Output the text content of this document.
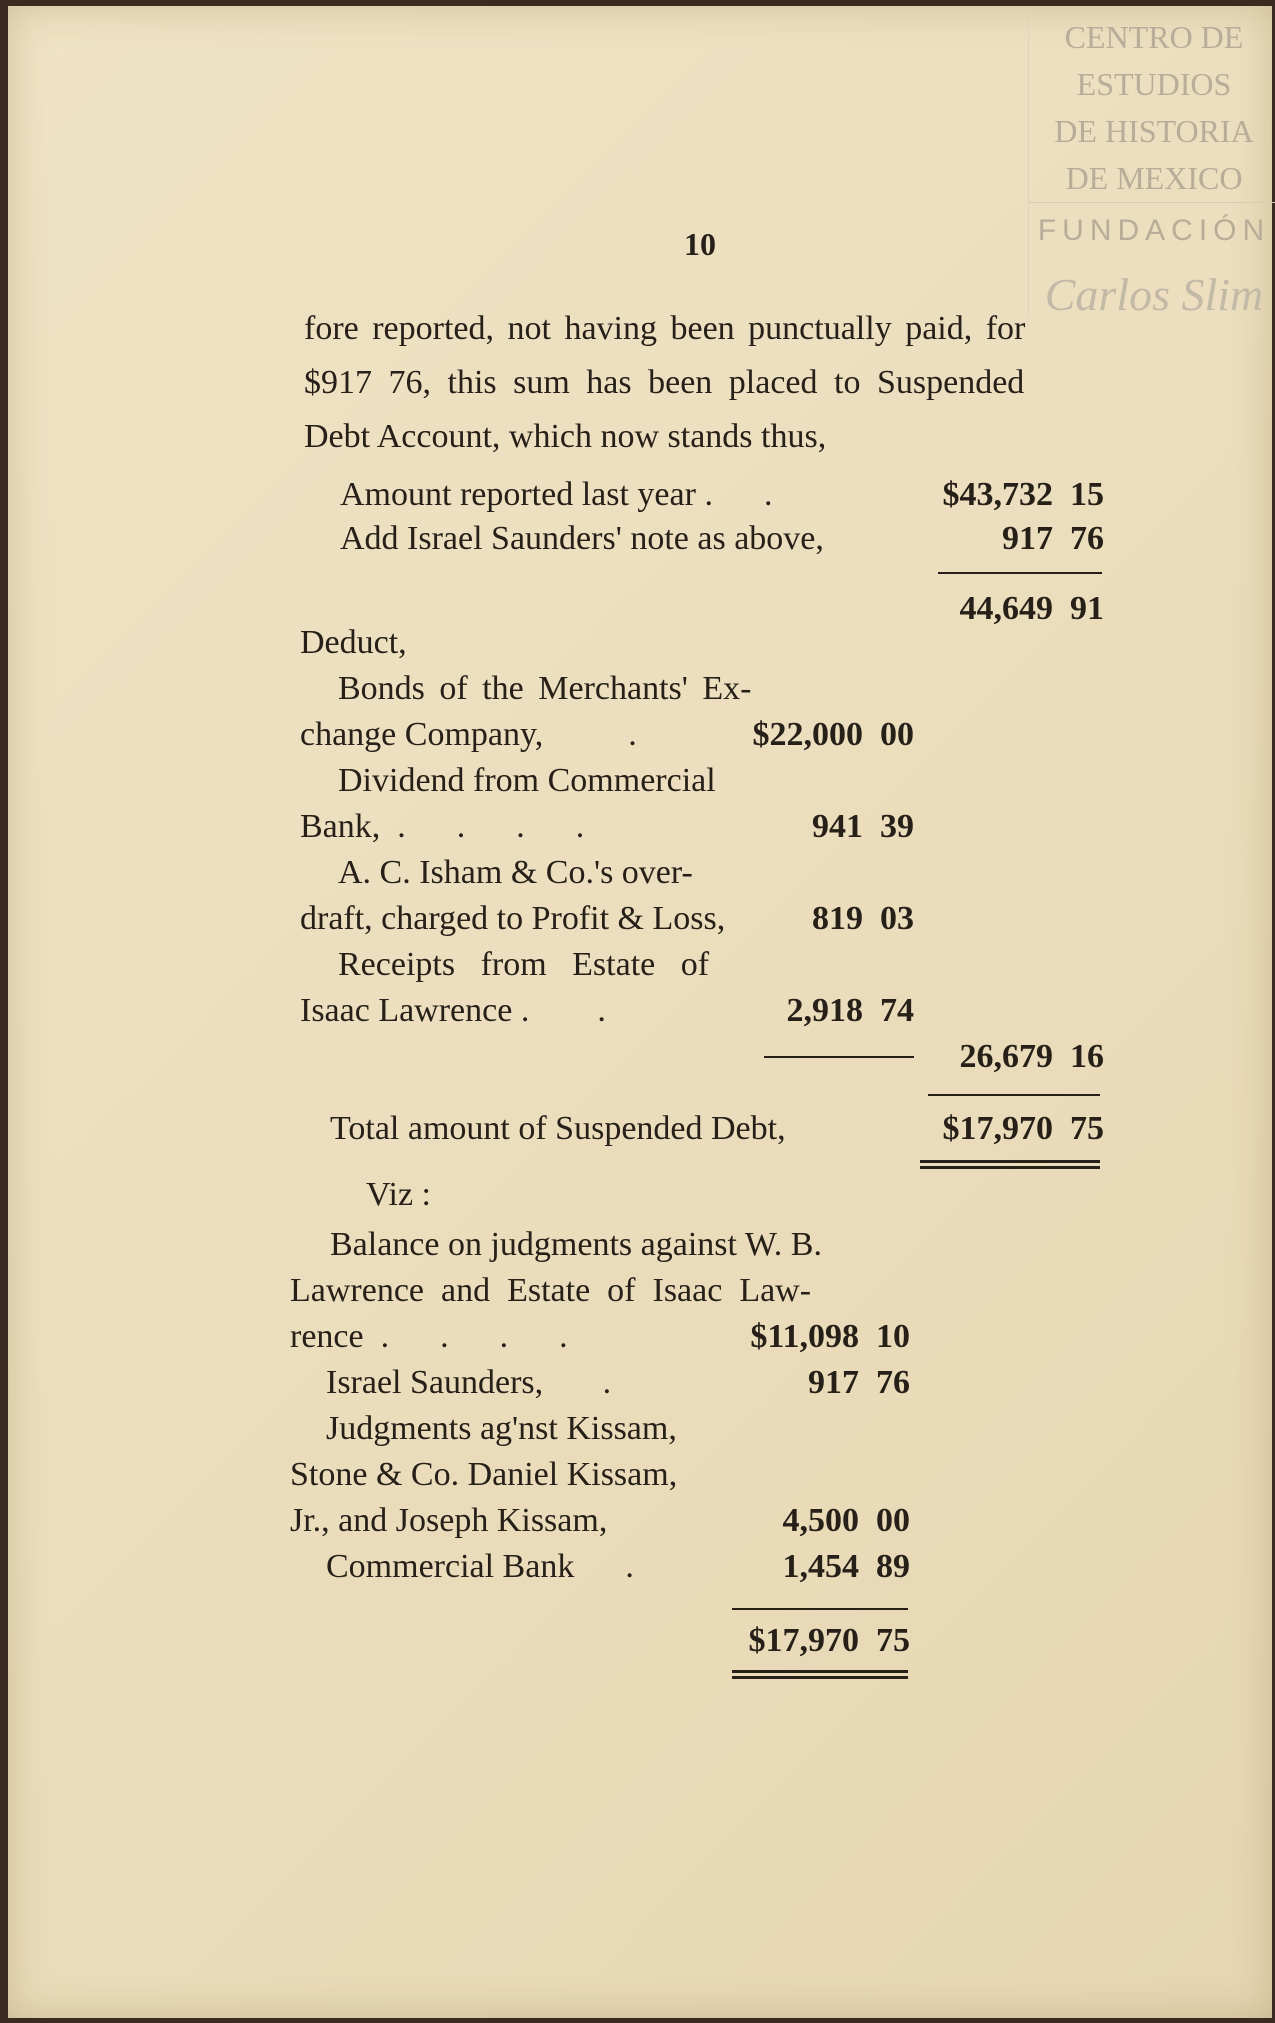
CENTRO DE
ESTUDIOS
DE HISTORIA
DE MEXICO
FUNDACIÓN
Carlos Slim
10
fore reported, not having been punctually paid, for
$917 76, this sum has been placed to Suspended
Debt Account, which now stands thus,
Amount reported last year .      .	$43,732  15
Add Israel Saunders' note as above,	917  76
44,649  91
Deduct,
Bonds of the Merchants' Ex-
change Company,          .	$22,000  00
Dividend from Commercial
Bank,  .      .      .      .	941  39
A. C. Isham & Co.'s over-
draft, charged to Profit & Loss,	819  03
Receipts   from   Estate   of
Isaac Lawrence .        .	2,918  74
26,679  16
Total amount of Suspended Debt,	$17,970  75
Viz :
Balance on judgments against W. B.
Lawrence  and  Estate  of  Isaac  Law-
rence  .      .      .      .	$11,098  10
Israel Saunders,       .	917  76
Judgments ag'nst Kissam,
Stone & Co. Daniel Kissam,
Jr., and Joseph Kissam,	4,500  00
Commercial Bank      .	1,454  89
$17,970  75
